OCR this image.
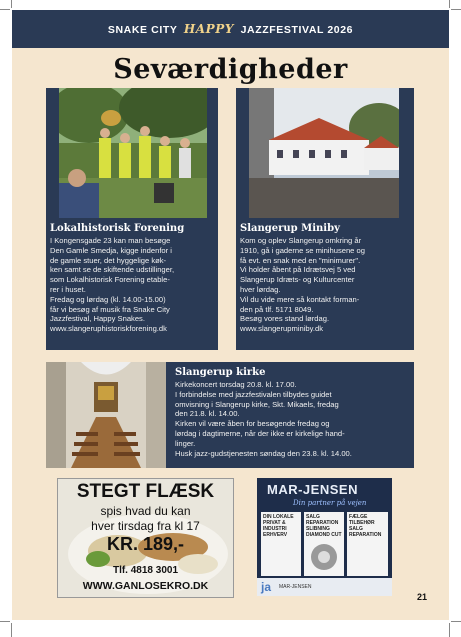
SNAKE CITY HAPPY JAZZFESTIVAL 2026
Seværdigheder
Lokalhistorisk Forening

I Kongensgade 23 kan man besøge

Den Gamle Smedja, kigge indenfor i

de gamle stuer, det hyggelige køk-

ken samt se de skiftende udstillinger,

som Lokalhistorisk Forening etable-

rer i huset.

Fredag og lørdag (kl. 14.00-15.00)

får vi besøg af musik fra Snake City

Jazzfestival, Happy Snakes.

www.slangeruphistoriskforening.dk

Slangerup Miniby

Kom og oplev Slangerup omkring år

1910, gå i gaderne se minihusene og

få evt. en snak med en "minimurer".

Vi holder åbent på Idrætsvej 5 ved

Slangerup Idræts- og Kulturcenter

hver lørdag.

Vil du vide mere så kontakt forman-

den på tlf. 5171 8049.

Besøg vores stand lørdag.

www.slangerupminiby.dk

Slangerup kirke

Kirkekoncert torsdag 20.8. kl. 17.00.

I forbindelse med jazzfestivalen tilbydes guidet

omvisning i Slangerup kirke, Skt. Mikaels, fredag

den 21.8. kl. 14.00.

Kirken vil være åben for besøgende fredag og

lørdag i dagtimerne, når der ikke er kirkelige hand-

linger.

Husk jazz-gudstjenesten søndag den 23.8. kl. 14.00.

STEGT FLÆSK
spis hvad du kan
hver tirsdag fra kl 17
KR. 189,-
Tlf. 4818 3001
WWW.GANLOSEKRO.DK
MAR-JENSEN
Din partner på vejen
DIN LOKALE PRIVAT & INDUSTRI ERHVERV
SALG REPARATION SLIBNING DIAMOND CUT
FÆLGE TILBEHØR SALG REPARATION
ja MAR-JENSEN
21
